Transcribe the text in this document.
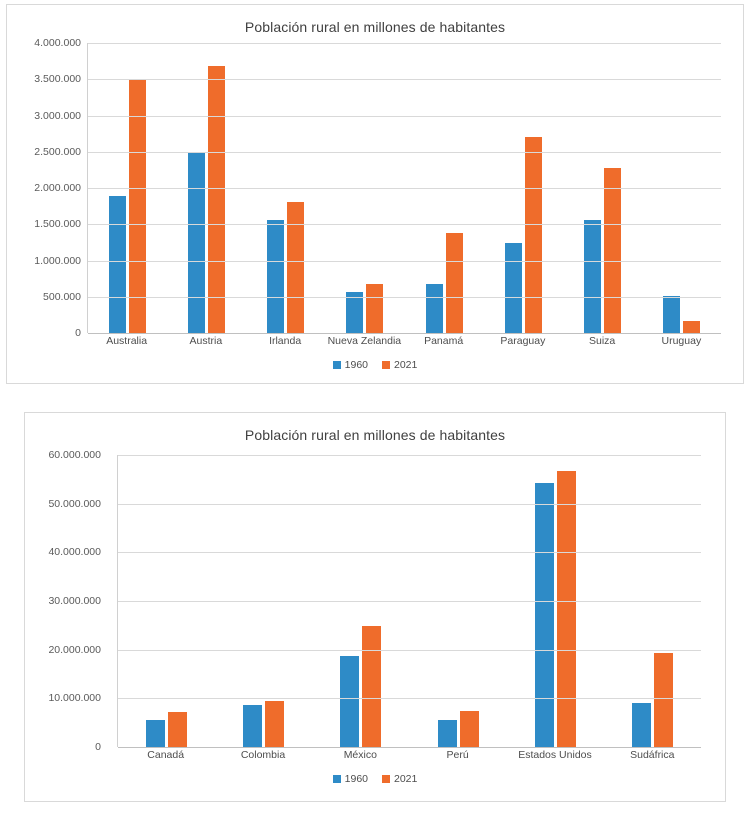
Población rural en millones de habitantes
4.000.000
3.500.000
3.000.000
2.500.000
2.000.000
1.500.000
1.000.000
500.000
0
Australia	Austria	Irlanda	Nueva Zelandia	Panamá	Paraguay	Suiza	Uruguay
1960 2021
Población rural en millones de habitantes
60.000.000
50.000.000
40.000.000
30.000.000
20.000.000
10.000.000
0
Canadá	Colombia	México	Perú	Estados Unidos	Sudáfrica
1960 2021
